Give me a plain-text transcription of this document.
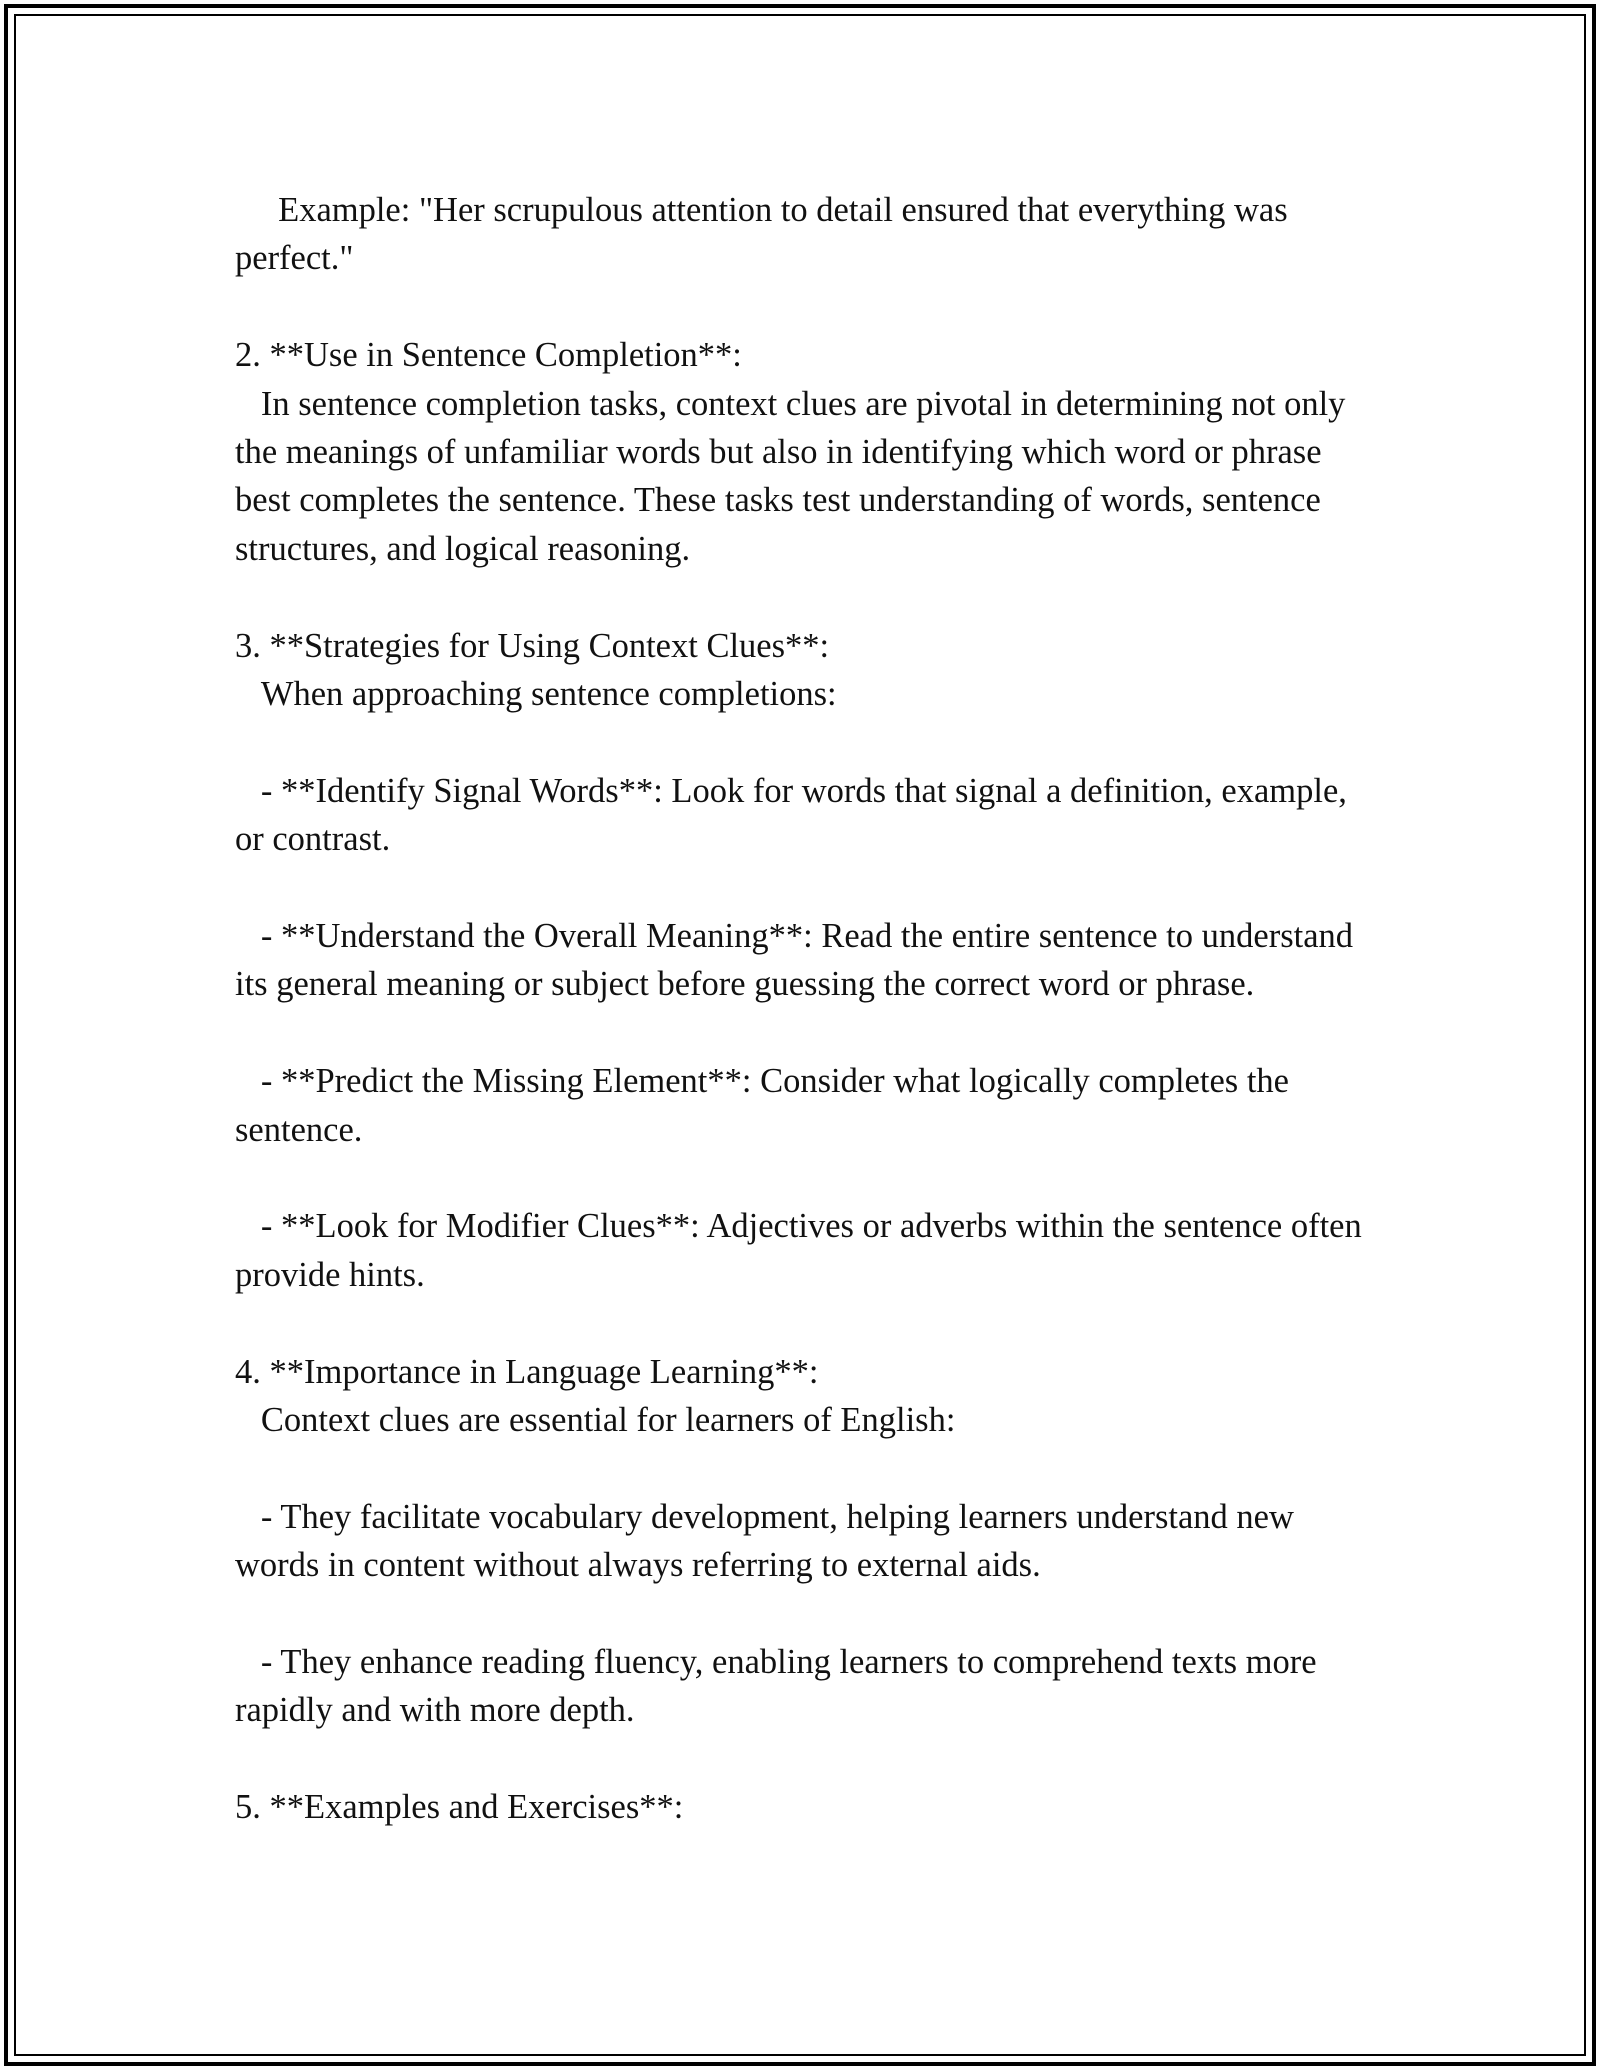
Example: "Her scrupulous attention to detail ensured that everything was perfect."

2. **Use in Sentence Completion**:

In sentence completion tasks, context clues are pivotal in determining not only the meanings of unfamiliar words but also in identifying which word or phrase best completes the sentence. These tasks test understanding of words, sentence structures, and logical reasoning.

3. **Strategies for Using Context Clues**:

When approaching sentence completions:

- **Identify Signal Words**: Look for words that signal a definition, example, or contrast.

- **Understand the Overall Meaning**: Read the entire sentence to understand its general meaning or subject before guessing the correct word or phrase.

- **Predict the Missing Element**: Consider what logically completes the sentence.

- **Look for Modifier Clues**: Adjectives or adverbs within the sentence often provide hints.

4. **Importance in Language Learning**:

Context clues are essential for learners of English:

- They facilitate vocabulary development, helping learners understand new words in content without always referring to external aids.

- They enhance reading fluency, enabling learners to comprehend texts more rapidly and with more depth.

5. **Examples and Exercises**:
